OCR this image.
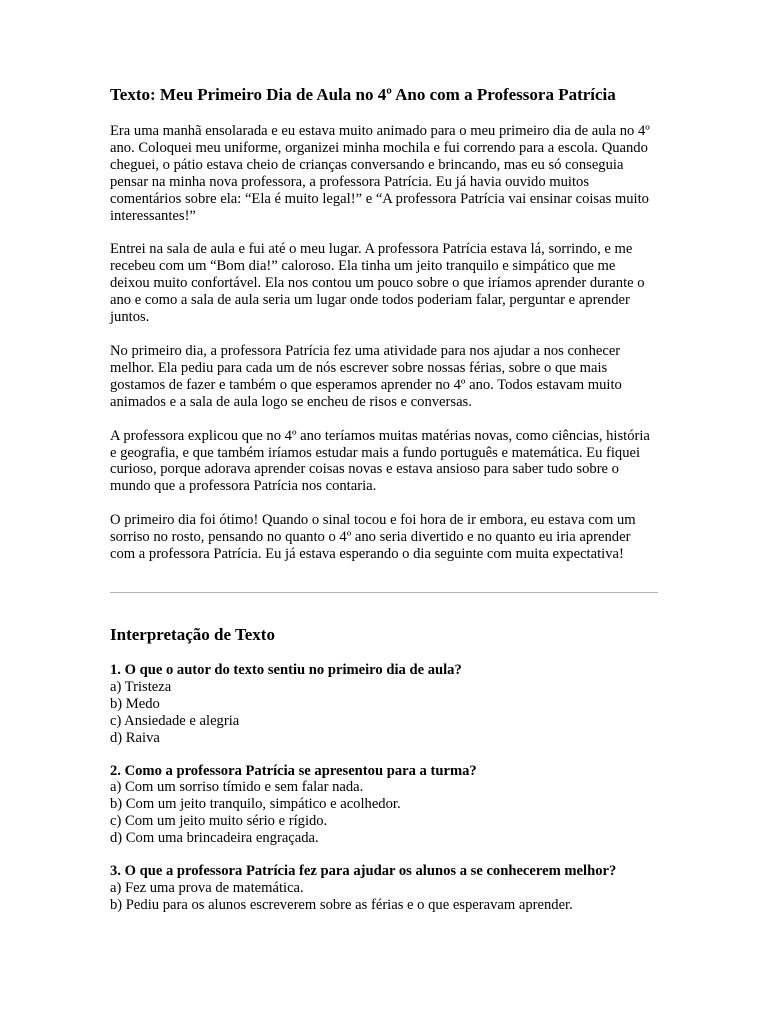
Texto: Meu Primeiro Dia de Aula no 4º Ano com a Professora Patrícia

Era uma manhã ensolarada e eu estava muito animado para o meu primeiro dia de aula no 4º ano. Coloquei meu uniforme, organizei minha mochila e fui correndo para a escola. Quando cheguei, o pátio estava cheio de crianças conversando e brincando, mas eu só conseguia pensar na minha nova professora, a professora Patrícia. Eu já havia ouvido muitos comentários sobre ela: “Ela é muito legal!” e “A professora Patrícia vai ensinar coisas muito interessantes!”

Entrei na sala de aula e fui até o meu lugar. A professora Patrícia estava lá, sorrindo, e me recebeu com um “Bom dia!” caloroso. Ela tinha um jeito tranquilo e simpático que me deixou muito confortável. Ela nos contou um pouco sobre o que iríamos aprender durante o ano e como a sala de aula seria um lugar onde todos poderiam falar, perguntar e aprender juntos.

No primeiro dia, a professora Patrícia fez uma atividade para nos ajudar a nos conhecer melhor. Ela pediu para cada um de nós escrever sobre nossas férias, sobre o que mais gostamos de fazer e também o que esperamos aprender no 4º ano. Todos estavam muito animados e a sala de aula logo se encheu de risos e conversas.

A professora explicou que no 4º ano teríamos muitas matérias novas, como ciências, história e geografia, e que também iríamos estudar mais a fundo português e matemática. Eu fiquei curioso, porque adorava aprender coisas novas e estava ansioso para saber tudo sobre o mundo que a professora Patrícia nos contaria.

O primeiro dia foi ótimo! Quando o sinal tocou e foi hora de ir embora, eu estava com um sorriso no rosto, pensando no quanto o 4º ano seria divertido e no quanto eu iria aprender com a professora Patrícia. Eu já estava esperando o dia seguinte com muita expectativa!

Interpretação de Texto
1. O que o autor do texto sentiu no primeiro dia de aula?
a) Tristeza
b) Medo
c) Ansiedade e alegria
d) Raiva
2. Como a professora Patrícia se apresentou para a turma?
a) Com um sorriso tímido e sem falar nada.
b) Com um jeito tranquilo, simpático e acolhedor.
c) Com um jeito muito sério e rígido.
d) Com uma brincadeira engraçada.
3. O que a professora Patrícia fez para ajudar os alunos a se conhecerem melhor?
a) Fez uma prova de matemática.
b) Pediu para os alunos escreverem sobre as férias e o que esperavam aprender.
